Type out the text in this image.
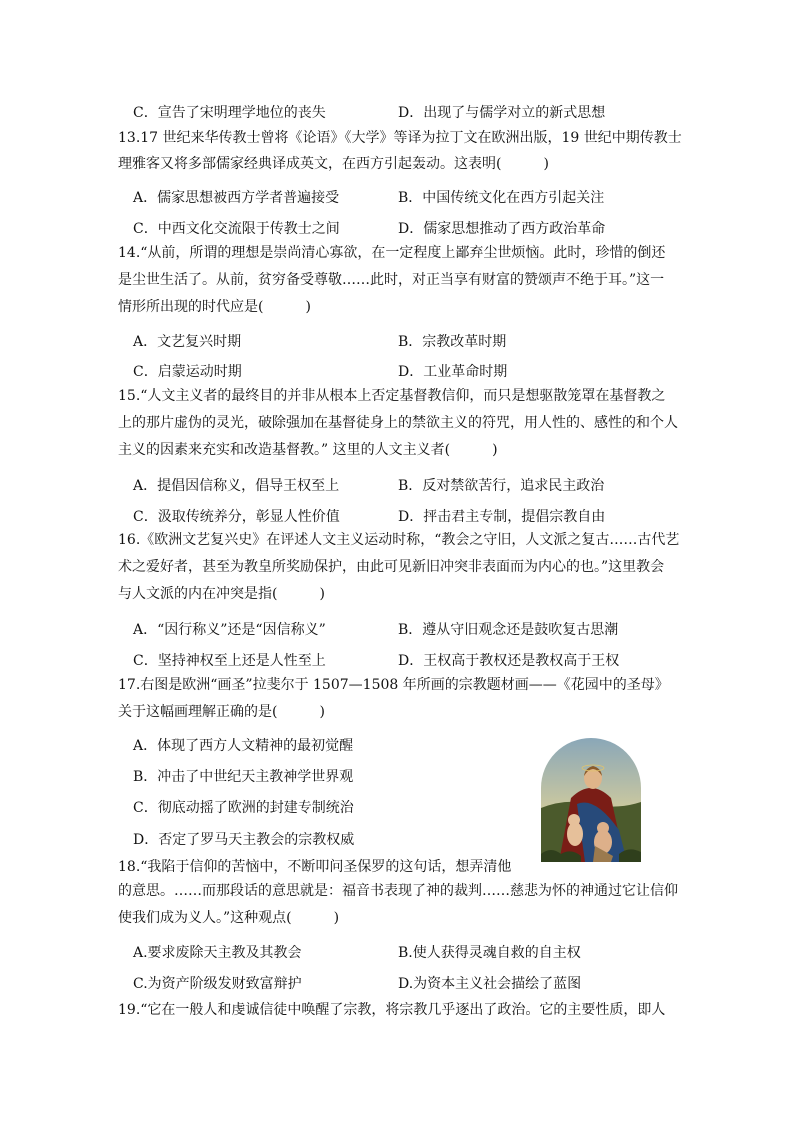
C．宣告了宋明理学地位的丧失	D．出现了与儒学对立的新式思想
13.17 世纪来华传教士曾将《论语》《大学》等译为拉丁文在欧洲出版，19 世纪中期传教士
理雅客又将多部儒家经典译成英文，在西方引起轰动。这表明(　　　)
A．儒家思想被西方学者普遍接受	B．中国传统文化在西方引起关注
C．中西文化交流限于传教士之间	D．儒家思想推动了西方政治革命
14.“从前，所谓的理想是崇尚清心寡欲，在一定程度上鄙弃尘世烦恼。此时，珍惜的倒还
是尘世生活了。从前，贫穷备受尊敬……此时，对正当享有财富的赞颂声不绝于耳。”这一
情形所出现的时代应是(　　　)
A．文艺复兴时期	B．宗教改革时期
C．启蒙运动时期	D．工业革命时期
15.“人文主义者的最终目的并非从根本上否定基督教信仰，而只是想驱散笼罩在基督教之
上的那片虚伪的灵光，破除强加在基督徒身上的禁欲主义的符咒，用人性的、感性的和个人
主义的因素来充实和改造基督教。” 这里的人文主义者(　　　)
A．提倡因信称义，倡导王权至上	B．反对禁欲苦行，追求民主政治
C．汲取传统养分，彰显人性价值	D．抨击君主专制，提倡宗教自由
16.《欧洲文艺复兴史》在评述人文主义运动时称，“教会之守旧，人文派之复古……古代艺
术之爱好者，甚至为教皇所奖励保护，由此可见新旧冲突非表面而为内心的也。”这里教会
与人文派的内在冲突是指(　　　)
A．“因行称义”还是“因信称义”	B．遵从守旧观念还是鼓吹复古思潮
C．坚持神权至上还是人性至上	D．王权高于教权还是教权高于王权
17.右图是欧洲“画圣”拉斐尔于 1507—1508 年所画的宗教题材画——《花园中的圣母》
关于这幅画理解正确的是(　　　)
A．体现了西方人文精神的最初觉醒
B．冲击了中世纪天主教神学世界观
C．彻底动摇了欧洲的封建专制统治
D．否定了罗马天主教会的宗教权威
18.“我陷于信仰的苦恼中，不断叩问圣保罗的这句话，想弄清他
的意思。……而那段话的意思就是：福音书表现了神的裁判……慈悲为怀的神通过它让信仰
使我们成为义人。”这种观点(　　　)
A.要求废除天主教及其教会	B.使人获得灵魂自救的自主权
C.为资产阶级发财致富辩护	D.为资本主义社会描绘了蓝图
19.“它在一般人和虔诚信徒中唤醒了宗教，将宗教几乎逐出了政治。它的主要性质，即人
